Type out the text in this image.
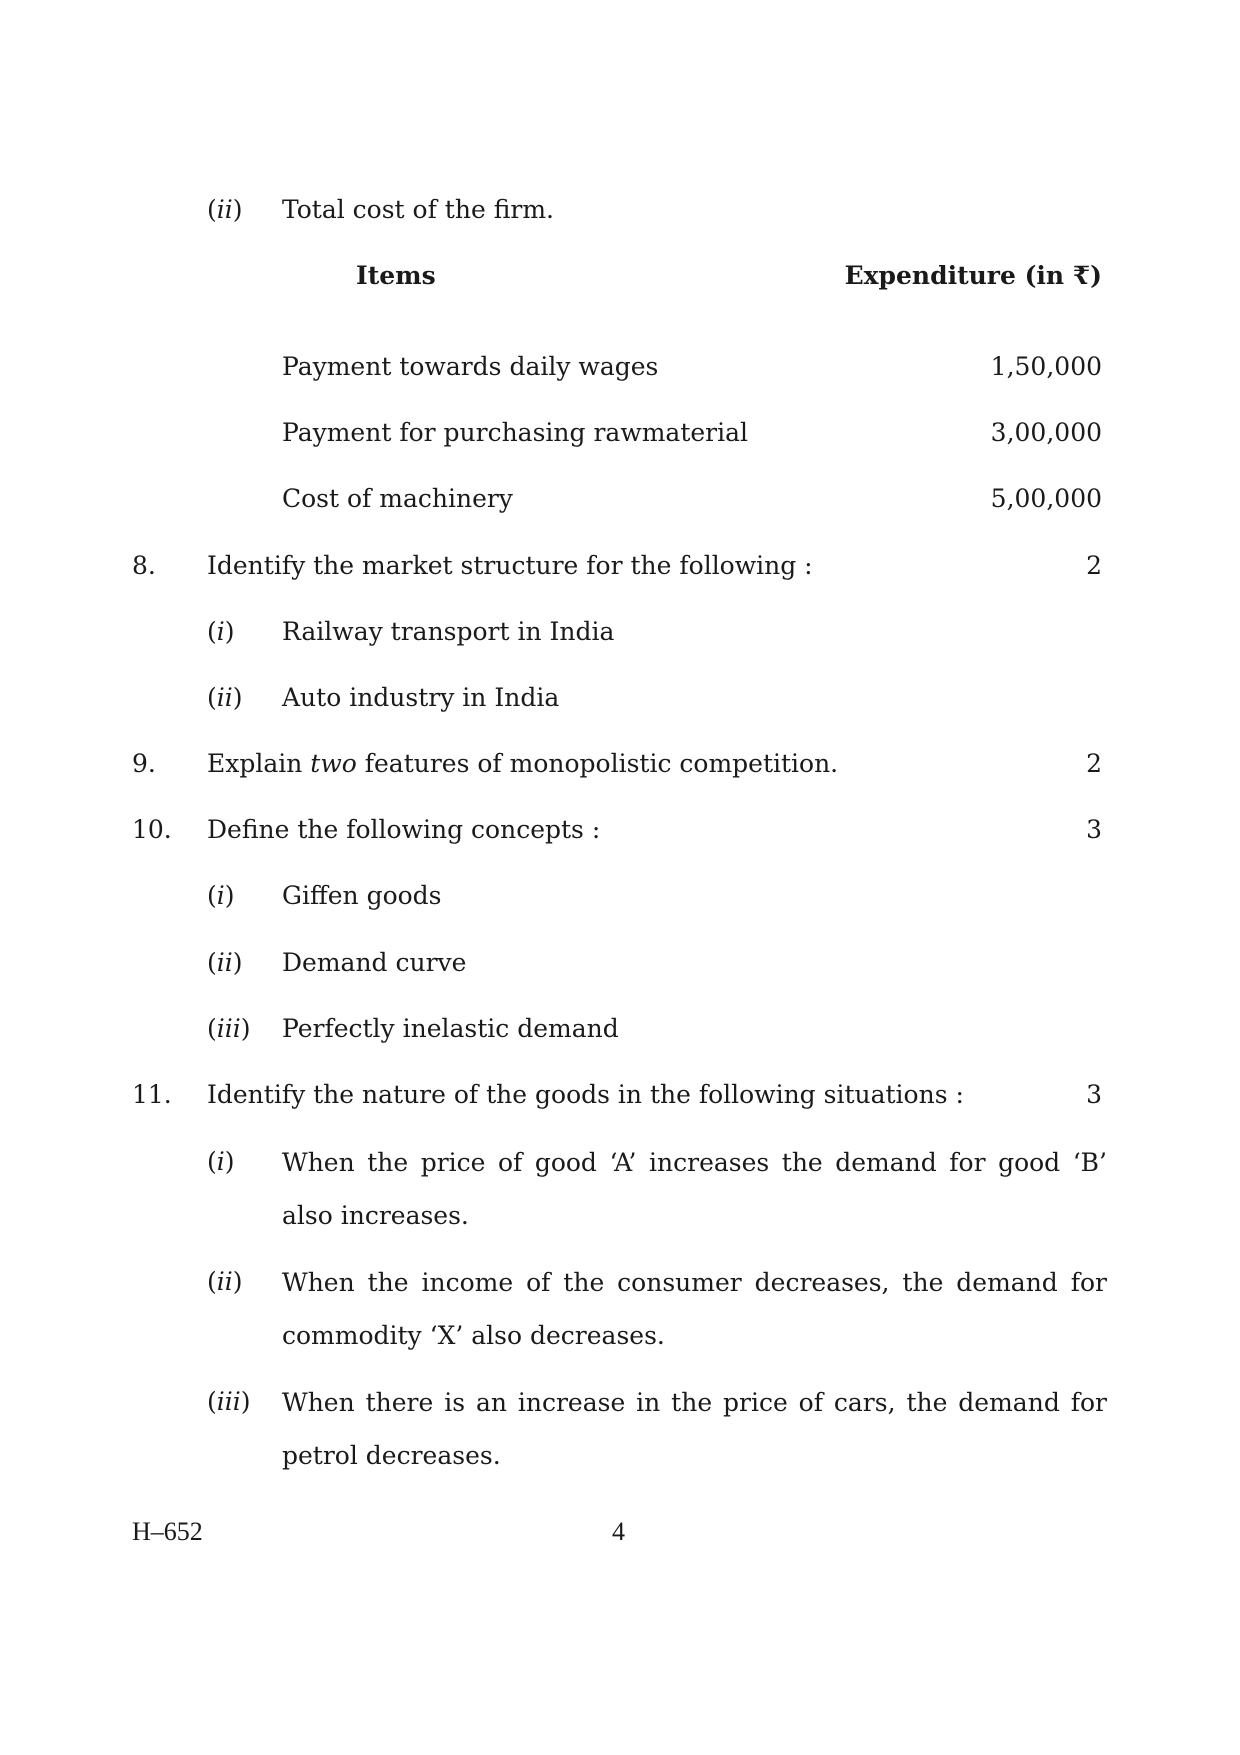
(ii) Total cost of the firm.
Items	Expenditure (in ₹)
Payment towards daily wages	1,50,000
Payment for purchasing rawmaterial	3,00,000
Cost of machinery	5,00,000
8. Identify the market structure for the following :	2
(i) Railway transport in India
(ii) Auto industry in India
9. Explain two features of monopolistic competition.	2
10. Define the following concepts :	3
(i) Giffen goods
(ii) Demand curve
(iii) Perfectly inelastic demand
11. Identify the nature of the goods in the following situations :	3
(i) When the price of good ‘A’ increases the demand for good ‘B’ also increases.
(ii) When the income of the consumer decreases, the demand for commodity ‘X’ also decreases.
(iii) When there is an increase in the price of cars, the demand for petrol decreases.
H–652	4
